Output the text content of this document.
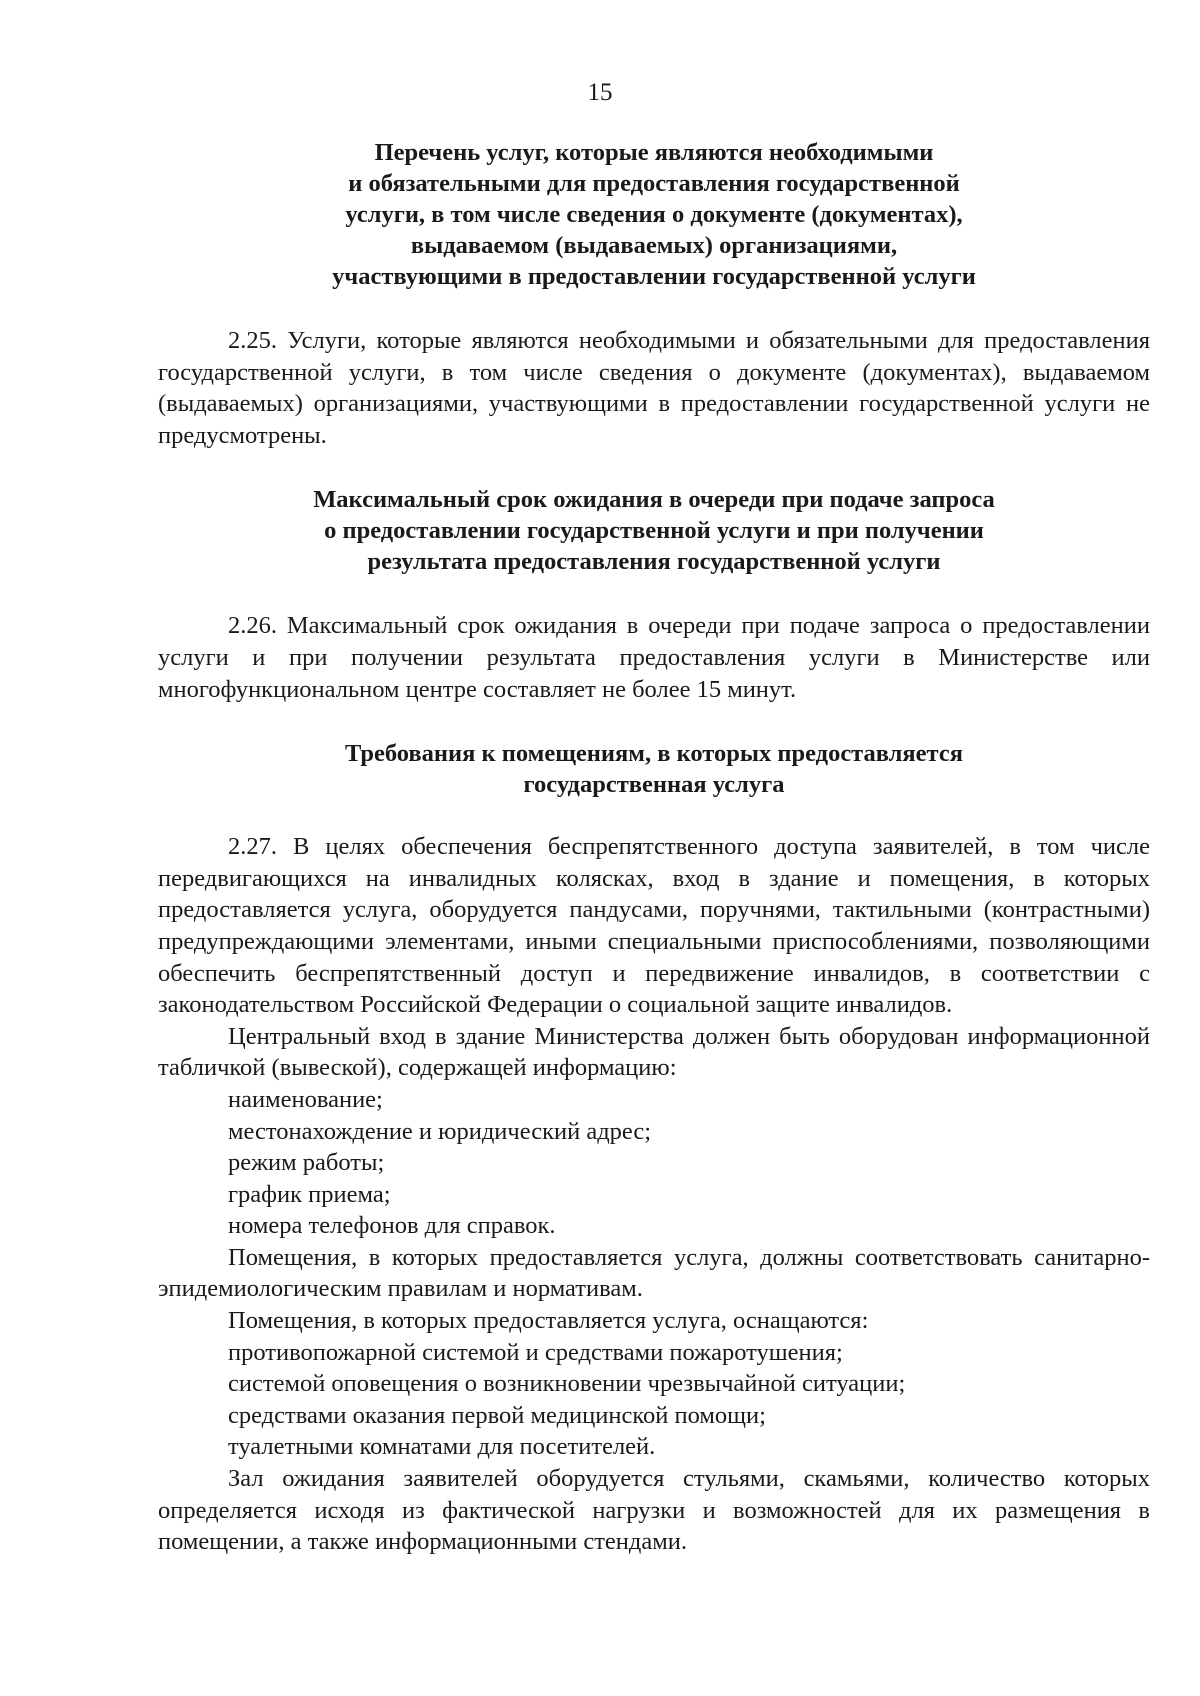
15
Перечень услуг, которые являются необходимыми
и обязательными для предоставления государственной
услуги, в том числе сведения о документе (документах),
выдаваемом (выдаваемых) организациями,
участвующими в предоставлении государственной услуги

2.25. Услуги, которые являются необходимыми и обязательными для предоставления государственной услуги, в том числе сведения о документе (документах), выдаваемом (выдаваемых) организациями, участвующими в предоставлении государственной услуги не предусмотрены.

Максимальный срок ожидания в очереди при подаче запроса
о предоставлении государственной услуги и при получении
результата предоставления государственной услуги

2.26. Максимальный срок ожидания в очереди при подаче запроса о предоставлении услуги и при получении результата предоставления услуги в Министерстве или многофункциональном центре составляет не более 15 минут.

Требования к помещениям, в которых предоставляется
государственная услуга

2.27. В целях обеспечения беспрепятственного доступа заявителей, в том числе передвигающихся на инвалидных колясках, вход в здание и помещения, в которых предоставляется услуга, оборудуется пандусами, поручнями, тактильными (контрастными) предупреждающими элементами, иными специальными приспособлениями, позволяющими обеспечить беспрепятственный доступ и передвижение инвалидов, в соответствии с законодательством Российской Федерации о социальной защите инвалидов.

Центральный вход в здание Министерства должен быть оборудован информационной табличкой (вывеской), содержащей информацию:

наименование;

местонахождение и юридический адрес;

режим работы;

график приема;

номера телефонов для справок.

Помещения, в которых предоставляется услуга, должны соответствовать санитарно-эпидемиологическим правилам и нормативам.

Помещения, в которых предоставляется услуга, оснащаются:

противопожарной системой и средствами пожаротушения;

системой оповещения о возникновении чрезвычайной ситуации;

средствами оказания первой медицинской помощи;

туалетными комнатами для посетителей.

Зал ожидания заявителей оборудуется стульями, скамьями, количество которых определяется исходя из фактической нагрузки и возможностей для их размещения в помещении, а также информационными стендами.
